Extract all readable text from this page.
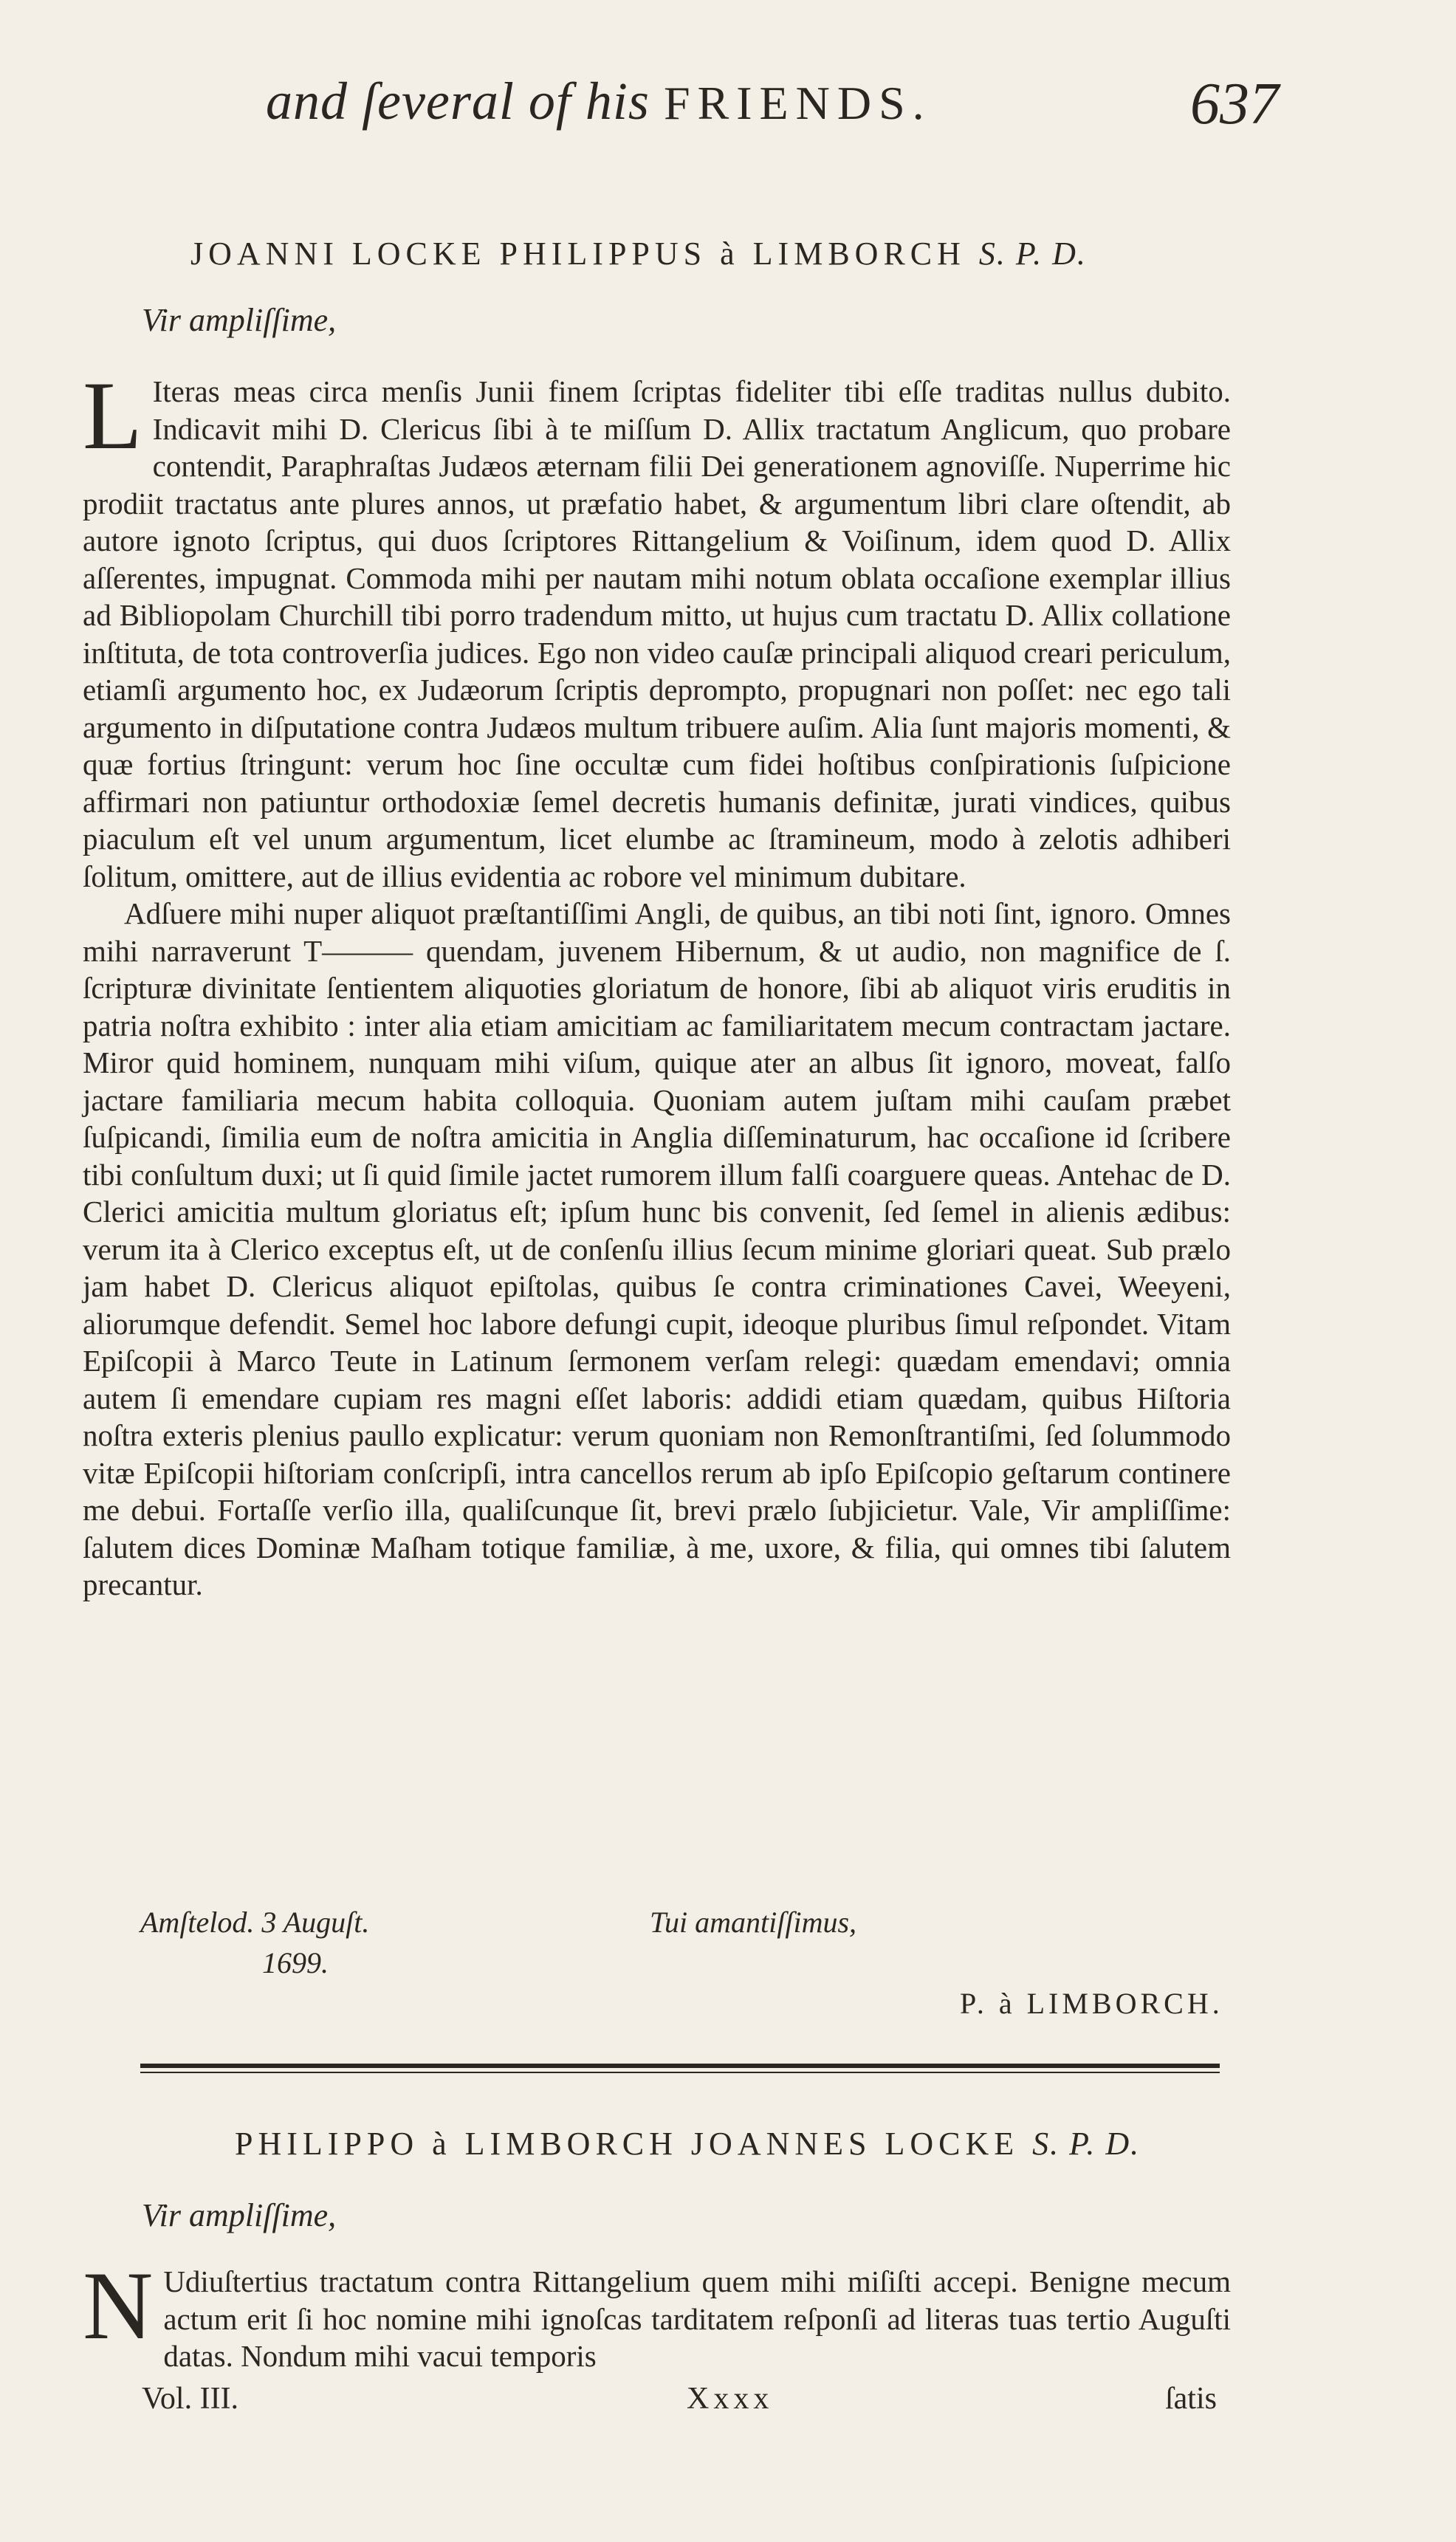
and ſeveral of his FRIENDS.	637
JOANNI LOCKE PHILIPPUS à LIMBORCH S. P. D.
Vir ampliſſime,

L Iteras meas circa menſis Junii finem ſcriptas fideliter tibi eſſe traditas nullus dubito. Indicavit mihi D. Clericus ſibi à te miſſum D. Allix tractatum Anglicum, quo probare contendit, Paraphraſtas Judæos æternam filii Dei generationem agnoviſſe. Nuperrime hic prodiit tractatus ante plures annos, ut præfatio habet, & argumentum libri clare oſtendit, ab autore ignoto ſcriptus, qui duos ſcriptores Rittangelium & Voiſinum, idem quod D. Allix aſſerentes, impugnat. Commoda mihi per nautam mihi notum oblata occaſione exemplar illius ad Bibliopolam Churchill tibi porro tradendum mitto, ut hujus cum tractatu D. Allix collatione inſtituta, de tota controverſia judices. Ego non video cauſæ principali aliquod creari periculum, etiamſi argumento hoc, ex Judæorum ſcriptis deprompto, propugnari non poſſet: nec ego tali argumento in diſputatione contra Judæos multum tribuere auſim. Alia ſunt majoris momenti, & quæ fortius ſtringunt: verum hoc ſine occultæ cum fidei hoſtibus conſpirationis ſuſpicione affirmari non patiuntur orthodoxiæ ſemel decretis humanis definitæ, jurati vindices, quibus piaculum eſt vel unum argumentum, licet elumbe ac ſtramineum, modo à zelotis adhiberi ſolitum, omittere, aut de illius evidentia ac robore vel minimum dubitare.

Adſuere mihi nuper aliquot præſtantiſſimi Angli, de quibus, an tibi noti ſint, ignoro. Omnes mihi narraverunt T——— quendam, juvenem Hibernum, & ut audio, non magnifice de ſ. ſcripturæ divinitate ſentientem aliquoties gloriatum de honore, ſibi ab aliquot viris eruditis in patria noſtra exhibito : inter alia etiam amicitiam ac familiaritatem mecum contractam jactare. Miror quid hominem, nunquam mihi viſum, quique ater an albus ſit ignoro, moveat, falſo jactare familiaria mecum habita colloquia. Quoniam autem juſtam mihi cauſam præbet ſuſpicandi, ſimilia eum de noſtra amicitia in Anglia diſſeminaturum, hac occaſione id ſcribere tibi conſultum duxi; ut ſi quid ſimile jactet rumorem illum falſi coarguere queas. Antehac de D. Clerici amicitia multum gloriatus eſt; ipſum hunc bis convenit, ſed ſemel in alienis ædibus: verum ita à Clerico exceptus eſt, ut de conſenſu illius ſecum minime gloriari queat. Sub prælo jam habet D. Clericus aliquot epiſtolas, quibus ſe contra criminationes Cavei, Weeyeni, aliorumque defendit. Semel hoc labore defungi cupit, ideoque pluribus ſimul reſpondet. Vitam Epiſcopii à Marco Teute in Latinum ſermonem verſam relegi: quædam emendavi; omnia autem ſi emendare cupiam res magni eſſet laboris: addidi etiam quædam, quibus Hiſtoria noſtra exteris plenius paullo explicatur: verum quoniam non Remonſtrantiſmi, ſed ſolummodo vitæ Epiſcopii hiſtoriam conſcripſi, intra cancellos rerum ab ipſo Epiſcopio geſtarum continere me debui. Fortaſſe verſio illa, qualiſcunque ſit, brevi prælo ſubjicietur. Vale, Vir ampliſſime: ſalutem dices Dominæ Maſham totique familiæ, à me, uxore, & filia, qui omnes tibi ſalutem precantur.

Amſtelod. 3 Auguſt.
1699.
Tui amantiſſimus,
P. à LIMBORCH.
PHILIPPO à LIMBORCH JOANNES LOCKE S. P. D.
Vir ampliſſime,

N Udiuſtertius tractatum contra Rittangelium quem mihi miſiſti accepi. Benigne mecum actum erit ſi hoc nomine mihi ignoſcas tarditatem reſponſi ad literas tuas tertio Auguſti datas. Nondum mihi vacui temporis

Vol. III.	Xxxx	ſatis
